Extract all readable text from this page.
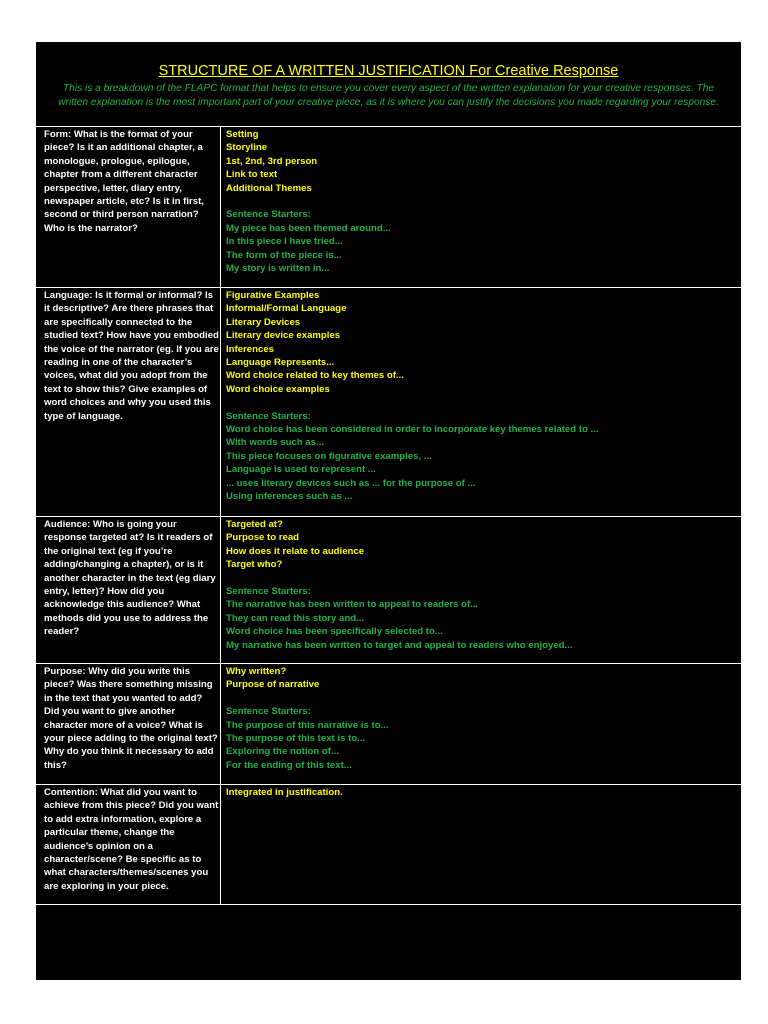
STRUCTURE OF A WRITTEN JUSTIFICATION For Creative Response
This is a breakdown of the FLAPC format that helps to ensure you cover every aspect of the written explanation for your creative responses. The written explanation is the most important part of your creative piece, as it is where you can justify the decisions you made regarding your response.
Form: What is the format of your piece? Is it an additional chapter, a monologue, prologue, epilogue, chapter from a different character perspective, letter, diary entry, newspaper article, etc? Is it in first, second or third person narration? Who is the narrator?
Setting
Storyline
1st, 2nd, 3rd person
Link to text
Additional Themes
Sentence Starters:
My piece has been themed around...
In this piece I have tried...
The form of the piece is...
My story is written in...
Language: Is it formal or informal? Is it descriptive? Are there phrases that are specifically connected to the studied text? How have you embodied the voice of the narrator (eg. If you are reading in one of the character’s voices, what did you adopt from the text to show this? Give examples of word choices and why you used this type of language.
Figurative Examples
Informal/Formal Language
Literary Devices
Literary device examples
Inferences
Language Represents...
Word choice related to key themes of...
Word choice examples
Sentence Starters:
Word choice has been considered in order to incorporate key themes related to ...
With words such as...
This piece focuses on figurative examples, ...
Language is used to represent ...
... uses literary devices such as ... for the purpose of ...
Using inferences such as ...
Audience: Who is going your response targeted at? Is it readers of the original text (eg if you’re adding/changing a chapter), or is it another character in the text (eg diary entry, letter)? How did you acknowledge this audience? What methods did you use to address the reader?
Targeted at?
Purpose to read
How does it relate to audience
Target who?
Sentence Starters:
The narrative has been written to appeal to readers of...
They can read this story and...
Word choice has been specifically selected to...
My narrative has been written to target and appeal to readers who enjoyed...
Purpose: Why did you write this piece? Was there something missing in the text that you wanted to add? Did you want to give another character more of a voice? What is your piece adding to the original text? Why do you think it necessary to add this?
Why written?
Purpose of narrative
Sentence Starters:
The purpose of this narrative is to...
The purpose of this text is to...
Exploring the notion of...
For the ending of this text...
Contention: What did you want to achieve from this piece? Did you want to add extra information, explore a particular theme, change the audience’s opinion on a character/scene? Be specific as to what characters/themes/scenes you are exploring in your piece.
Integrated in justification.
